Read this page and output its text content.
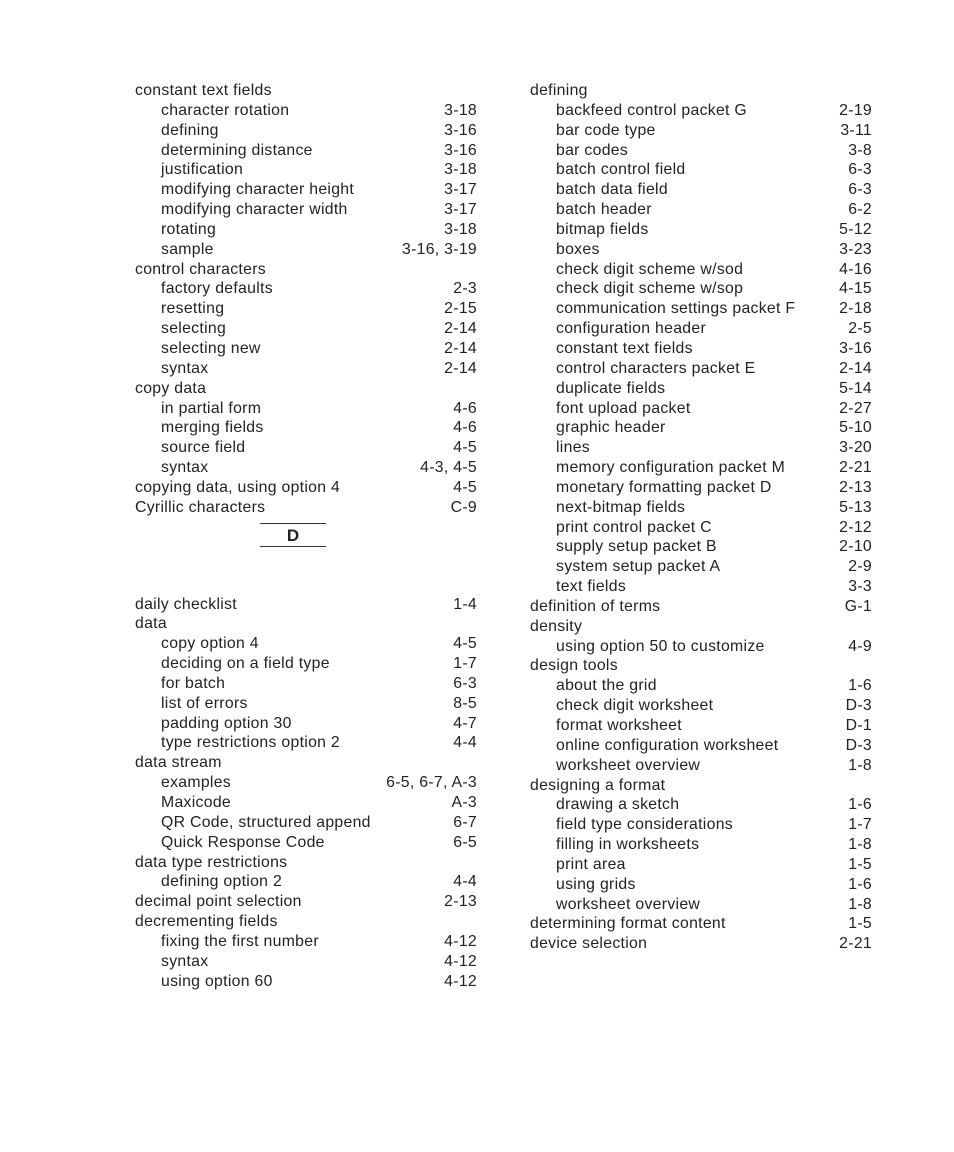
constant text fields
character rotation	3-18
defining	3-16
determining distance	3-16
justification	3-18
modifying character height	3-17
modifying character width	3-17
rotating	3-18
sample	3-16, 3-19
control characters
factory defaults	2-3
resetting	2-15
selecting	2-14
selecting new	2-14
syntax	2-14
copy data
in partial form	4-6
merging fields	4-6
source field	4-5
syntax	4-3, 4-5
copying data, using option 4	4-5
Cyrillic characters	C-9
D
daily checklist	1-4
data
copy option 4	4-5
deciding on a field type	1-7
for batch	6-3
list of errors	8-5
padding option 30	4-7
type restrictions option 2	4-4
data stream
examples	6-5, 6-7, A-3
Maxicode	A-3
QR Code, structured append	6-7
Quick Response Code	6-5
data type restrictions
defining option 2	4-4
decimal point selection	2-13
decrementing fields
fixing the first number	4-12
syntax	4-12
using option 60	4-12
defining
backfeed control packet G	2-19
bar code type	3-11
bar codes	3-8
batch control field	6-3
batch data field	6-3
batch header	6-2
bitmap fields	5-12
boxes	3-23
check digit scheme w/sod	4-16
check digit scheme w/sop	4-15
communication settings packet F	2-18
configuration header	2-5
constant text fields	3-16
control characters packet E	2-14
duplicate fields	5-14
font upload packet	2-27
graphic header	5-10
lines	3-20
memory configuration packet M	2-21
monetary formatting packet D	2-13
next-bitmap fields	5-13
print control packet C	2-12
supply setup packet B	2-10
system setup packet A	2-9
text fields	3-3
definition of terms	G-1
density
using option 50 to customize	4-9
design tools
about the grid	1-6
check digit worksheet	D-3
format worksheet	D-1
online configuration worksheet	D-3
worksheet overview	1-8
designing a format
drawing a sketch	1-6
field type considerations	1-7
filling in worksheets	1-8
print area	1-5
using grids	1-6
worksheet overview	1-8
determining format content	1-5
device selection	2-21
